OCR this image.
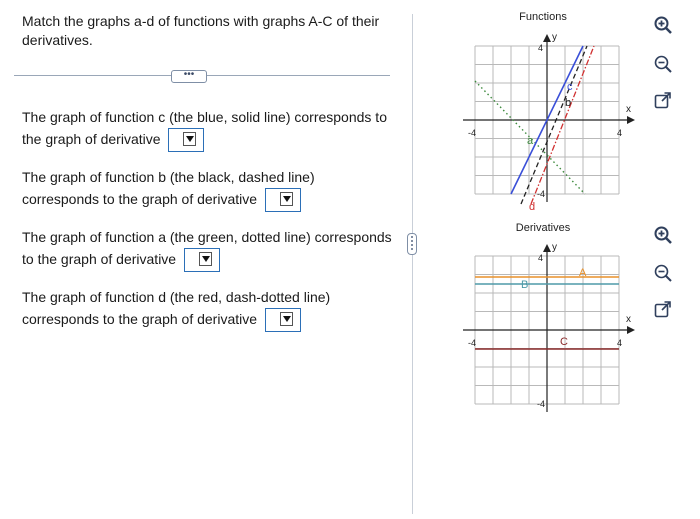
Match the graphs a-d of functions with graphs A-C of their derivatives.
•••
The graph of function c (the blue, solid line) corresponds to the graph of derivative
The graph of function b (the black, dashed line) corresponds to the graph of derivative
The graph of function a (the green, dotted line) corresponds to the graph of derivative
The graph of function d (the red, dash-dotted line) corresponds to the graph of derivative
Functions
y
x
-4	4
4
-4
a
b
c
d
Derivatives
y
x
-4	4
4
-4
A
B
C
